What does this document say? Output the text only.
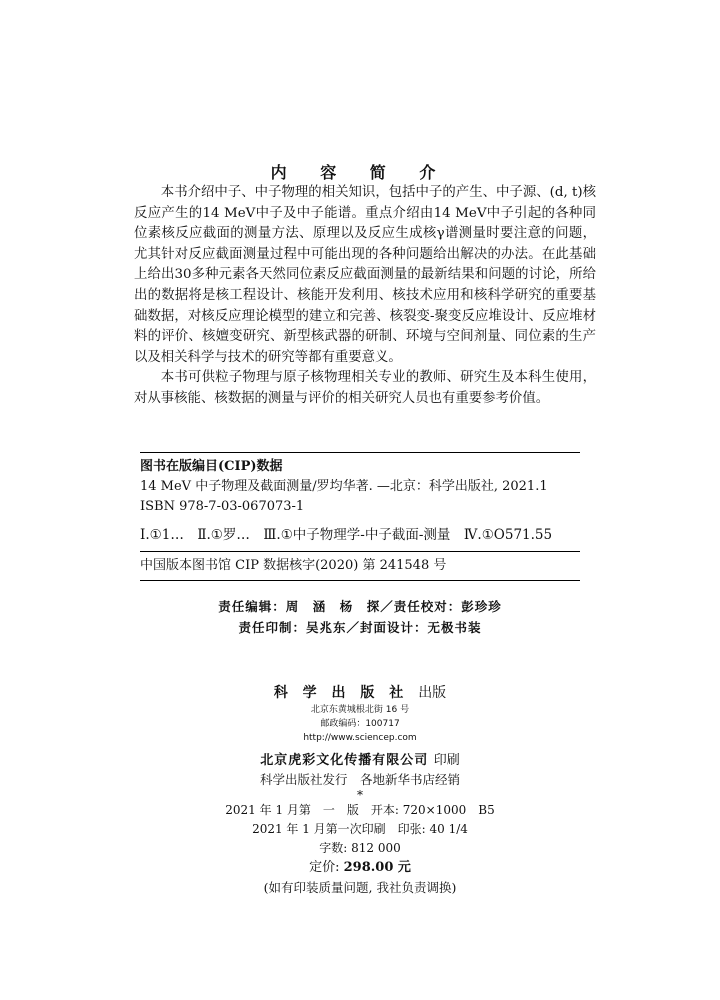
内 容 简 介

本书介绍中子、中子物理的相关知识，包括中子的产生、中子源、(d, t)核反应产生的14 MeV中子及中子能谱。重点介绍由14 MeV中子引起的各种同位素核反应截面的测量方法、原理以及反应生成核γ谱测量时要注意的问题，尤其针对反应截面测量过程中可能出现的各种问题给出解决的办法。在此基础上给出30多种元素各天然同位素反应截面测量的最新结果和问题的讨论，所给出的数据将是核工程设计、核能开发利用、核技术应用和核科学研究的重要基础数据，对核反应理论模型的建立和完善、核裂变-聚变反应堆设计、反应堆材料的评价、核嬗变研究、新型核武器的研制、环境与空间剂量、同位素的生产以及相关科学与技术的研究等都有重要意义。

本书可供粒子物理与原子核物理相关专业的教师、研究生及本科生使用，对从事核能、核数据的测量与评价的相关研究人员也有重要参考价值。

图书在版编目(CIP)数据
14 MeV 中子物理及截面测量/罗均华著. —北京：科学出版社, 2021.1
ISBN 978-7-03-067073-1
Ⅰ.①1…　Ⅱ.①罗…　Ⅲ.①中子物理学-中子截面-测量　Ⅳ.①O571.55
中国版本图书馆 CIP 数据核字(2020) 第 241548 号
责任编辑：周　涵　杨　探／责任校对：彭珍珍
责任印制：吴兆东／封面设计：无极书装
科 学 出 版 社 出版
北京东黄城根北街 16 号
邮政编码：100717
http://www.sciencep.com
北京虎彩文化传播有限公司 印刷
科学出版社发行　各地新华书店经销
*
2021 年 1 月第　一　版　开本: 720×1000　B5
2021 年 1 月第一次印刷　印张: 40 1/4
字数: 812 000
定价: 298.00 元
(如有印装质量问题, 我社负责调换)
